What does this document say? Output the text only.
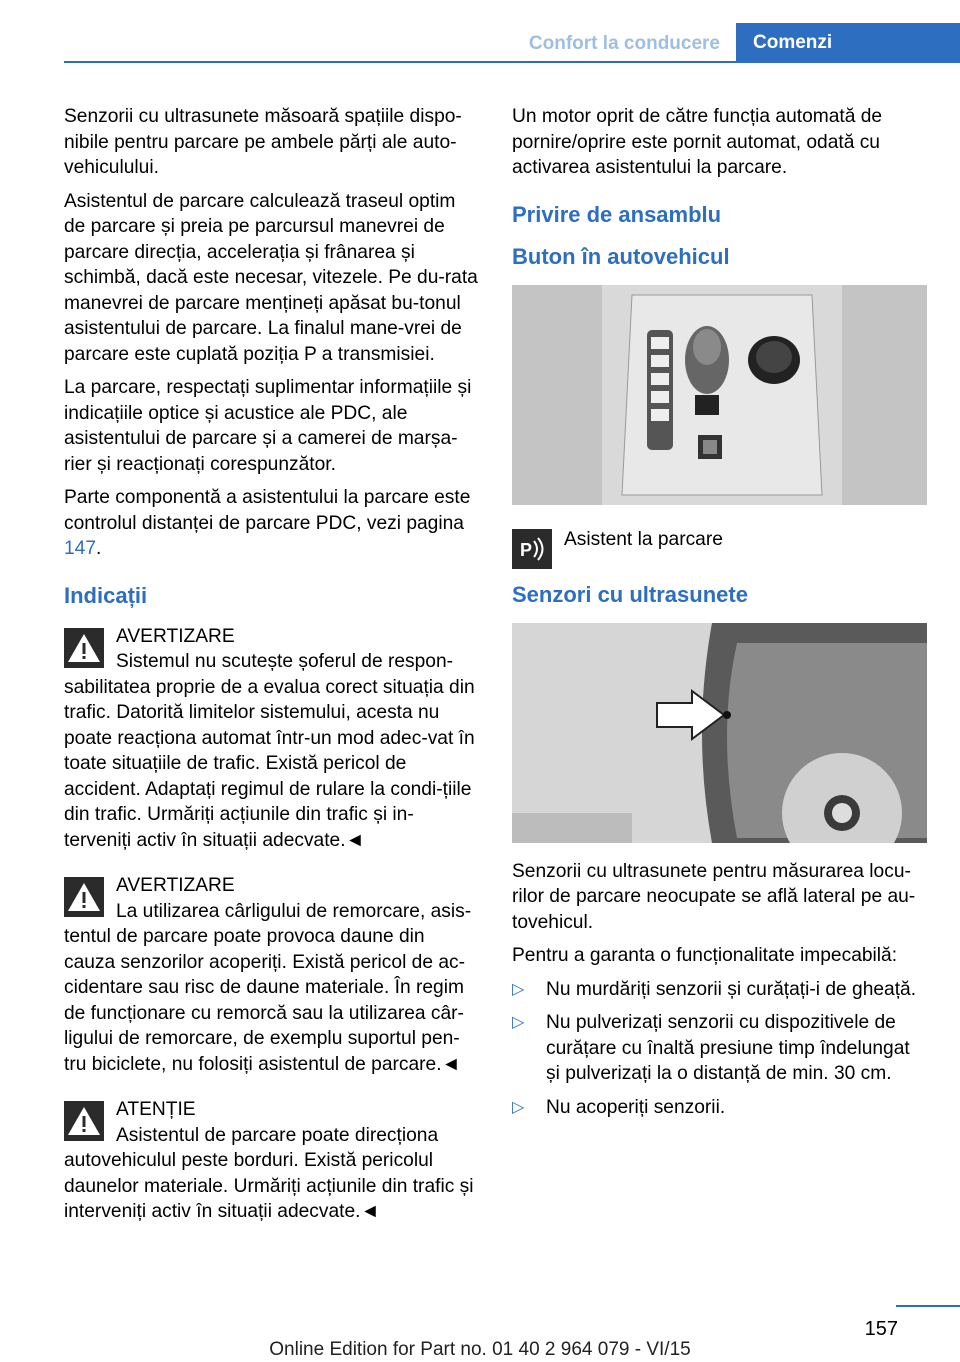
Confort la conducere	Comenzi

Senzorii cu ultrasunete măsoară spațiile dispo-nibile pentru parcare pe ambele părți ale auto-vehiculului.

Asistentul de parcare calculează traseul optim de parcare și preia pe parcursul manevrei de parcare direcția, accelerația și frânarea și schimbă, dacă este necesar, vitezele. Pe du-rata manevrei de parcare mențineți apăsat bu-tonul asistentului de parcare. La finalul mane-vrei de parcare este cuplată poziția P a transmisiei.

La parcare, respectați suplimentar informațiile și indicațiile optice și acustice ale PDC, ale asistentului de parcare și a camerei de marșa-rier și reacționați corespunzător.

Parte componentă a asistentului la parcare este controlul distanței de parcare PDC, vezi pagina 147.

Indicații
AVERTIZARE
Sistemul nu scutește șoferul de respon-sabilitatea proprie de a evalua corect situația din trafic. Datorită limitelor sistemului, acesta nu poate reacționa automat într-un mod adec-vat în toate situațiile de trafic. Există pericol de accident. Adaptați regimul de rulare la condi-țiile din trafic. Urmăriți acțiunile din trafic și in-terveniți activ în situații adecvate.◄
AVERTIZARE
La utilizarea cârligului de remorcare, asis-tentul de parcare poate provoca daune din cauza senzorilor acoperiți. Există pericol de ac-cidentare sau risc de daune materiale. În regim de funcționare cu remorcă sau la utilizarea câr-ligului de remorcare, de exemplu suportul pen-tru biciclete, nu folosiți asistentul de parcare.◄
ATENȚIE
Asistentul de parcare poate direcționa autovehiculul peste borduri. Există pericolul daunelor materiale. Urmăriți acțiunile din trafic și interveniți activ în situații adecvate.◄

Un motor oprit de către funcția automată de pornire/oprire este pornit automat, odată cu activarea asistentului la parcare.

Privire de ansamblu
Buton în autovehicul
P Asistent la parcare
Senzori cu ultrasunete

Senzorii cu ultrasunete pentru măsurarea locu-rilor de parcare neocupate se află lateral pe au-tovehicul.

Pentru a garanta o funcționalitate impecabilă:

▷ Nu murdăriți senzorii și curățați-i de gheață.
▷ Nu pulverizați senzorii cu dispozitivele de curățare cu înaltă presiune timp îndelungat și pulverizați la o distanță de min. 30 cm.
▷ Nu acoperiți senzorii.
157
Online Edition for Part no. 01 40 2 964 079 - VI/15
